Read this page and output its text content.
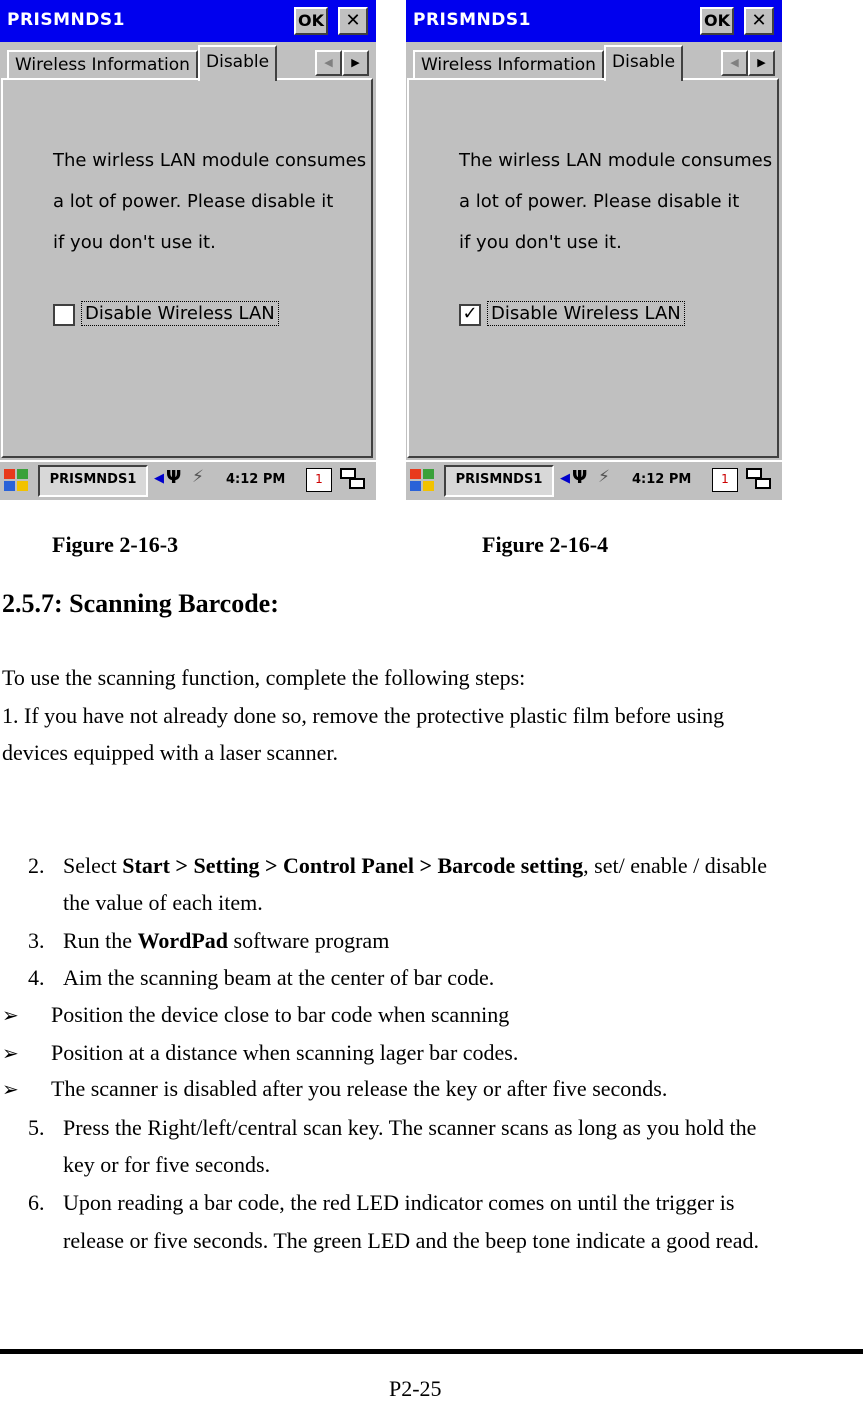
PRISMNDS1	OK	✕
Wireless Information Disable	◀	▶
The wirless LAN module consumes
a lot of power. Please disable it
if you don't use it.
Disable Wireless LAN
PRISMNDS1	◀ Ψ ⚡ 4:12 PM	1
PRISMNDS1	OK	✕
Wireless Information Disable	◀	▶
The wirless LAN module consumes
a lot of power. Please disable it
if you don't use it.
✓ Disable Wireless LAN
PRISMNDS1	◀ Ψ ⚡ 4:12 PM	1
Figure 2-16-3	Figure 2-16-4
2.5.7: Scanning Barcode:
To use the scanning function, complete the following steps:
1. If you have not already done so, remove the protective plastic film before using
devices equipped with a laser scanner.
2. Select Start > Setting > Control Panel > Barcode setting, set/ enable / disable
the value of each item.
3. Run the WordPad software program
4. Aim the scanning beam at the center of bar code.
➢ Position the device close to bar code when scanning
➢ Position at a distance when scanning lager bar codes.
➢ The scanner is disabled after you release the key or after five seconds.
5. Press the Right/left/central scan key. The scanner scans as long as you hold the
key or for five seconds.
6. Upon reading a bar code, the red LED indicator comes on until the trigger is
release or five seconds. The green LED and the beep tone indicate a good read.
P2-25
